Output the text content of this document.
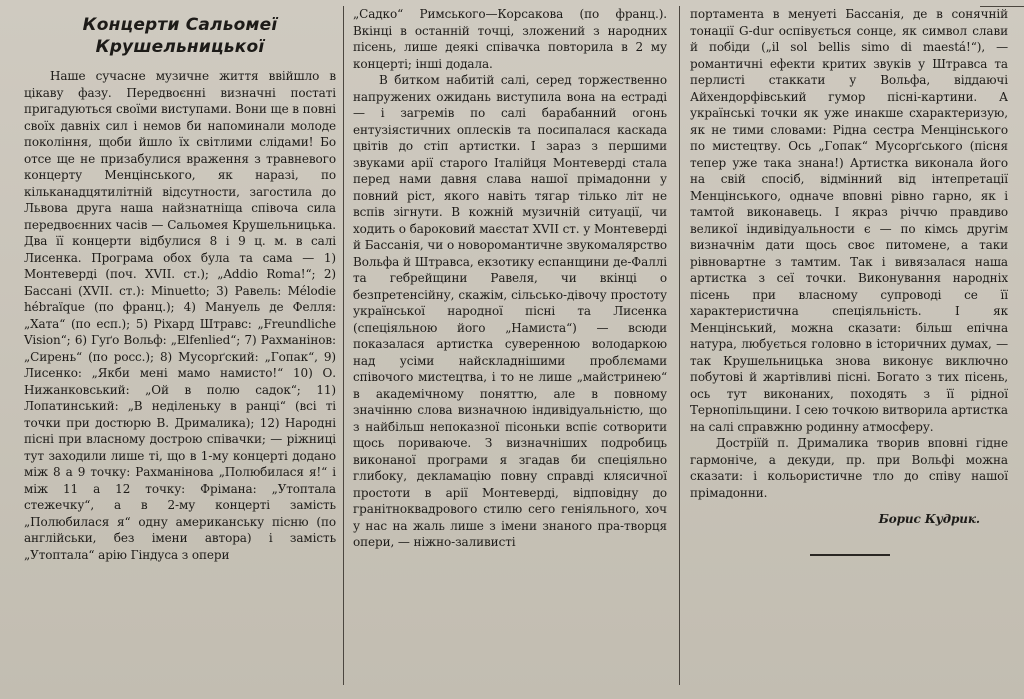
Концерти Сальомеї Крушельницької

Наше сучасне музичне життя ввійшло в цікаву фазу. Передвоєнні визначні постаті пригадуються своїми виступами. Вони ще в повні своїх давніх сил і немов би напоминали молоде покоління, щоби йшло їх світлими слідами! Бо отсе ще не призабулися враження з травневого концерту Менцінського, як наразі, по кільканадцятилітній відсутности, загостила до Львова друга наша найзнатніща співоча сила передвоєнних часів — Сальомея Крушельницька. Два її концерти відбулися 8 і 9 ц. м. в салі Лисенка. Програма обох була та сама — 1) Монтеверді (поч. XVII. ст.); „Addio Roma!“; 2) Бассані (XVII. ст.): Minuetto; 3) Равель: Mélodie hébraïque (по франц.); 4) Мануель де Фелля: „Хата“ (по есп.); 5) Ріхард Штравс: „Freundliche Vision“; 6) Гуґо Вольф: „Elfenlied“; 7) Рахманінов: „Сирень“ (по росс.); 8) Мусорґский: „Гопак“, 9) Лисенко: „Якби мені мамо намисто!“ 10) О. Нижанковський: „Ой в полю садок“; 11) Лопатинський: „В неділеньку в ранці“ (всі ті точки при достюрю В. Дрималика); 12) Народні пісні при власному дострою співачки; — ріжниці тут заходили лише ті, що в 1-му концерті додано між 8 а 9 точку: Рахманінова „Полюбилася я!“ і між 11 а 12 точку: Фрімана: „Утоптала стежечку“, а в 2-му концерті замість „Полюбилася я“ одну американську пісню (по англійськи, без імени автора) і замість „Утоптала“ арію Гіндуса з опери

„Садко“ Римського—Корсакова (по франц.). Вкінці в останній точці, зложений з народних пісень, лише деякі співачка повторила в 2 му концерті; інші додала.

В битком набитій салі, серед торжественно напружених ожидань виступила вона на естраді — і загремів по салі барабанний огонь ентузіястичних оплесків та посипалася каскада цвітів до стіп артистки. І зараз з першими звуками арії старого Італійця Монтеверді стала перед нами давня слава нашої прімадонни у повний ріст, якого навіть тягар тілько літ не вспів зігнути. В кожній музичній ситуації, чи ходить о бароковий маєстат XVII ст. у Монтеверді й Бассанія, чи о новоромантичне звукомалярство Вольфа й Штравса, екзотику еспанщини де-Фаллі та гебрейщини Равеля, чи вкінці о безпретенсійну, скажім, сільсько-дівочу простоту української народної пісні та Лисенка (спеціяльною його „Намиста“) — всюди показалася артистка суверенною володаркою над усіми найскладнішими проблємами співочого мистецтва, і то не лише „майстринею“ в академічному поняттю, але в повному значінню слова визначною індивідуальністю, що з найбільш непоказної пісоньки вспіє сотворити щось пориваюче. З визначніших подробиць виконаної програми я згадав би спеціяльно глибоку, декламацію повну справді клясичної простоти в арії Монтеверді, відповідну до гранітноквадрового стилю сего геніяльного, хоч у нас на жаль лише з імени знаного пра-творця опери, — ніжно-заливисті

портамента в менуеті Бассанія, де в сонячній тонації G-dur оспівується сонце, як символ слави й побіди („il sol bellis simo di maestá!“), — романтичні ефекти критих звуків у Штравса та перлисті стаккати у Вольфа, віддаючі Айхендорфівський гумор пісні-картини. А українські точки як уже инакше схарактеризую, як не тими словами: Рідна сестра Менцінського по мистецтву. Ось „Гопак“ Мусорґського (пісня тепер уже така знана!) Артистка виконала його на свій спосіб, відмінний від інтепретації Менцінського, одначе вповні рівно гарно, як і тамтой виконавець. І якраз річчю правдиво великої індивідуальности є — по кімсь другім визначнім дати щось своє питомене, а таки рівновартне з тамтим. Так і вивязалася наша артистка з сеї точки. Виконування народніх пісень при власному супроводі се її характеристична спеціяльність. І як Менцінський, можна сказати: більш епічна натура, любується головно в історичних думах, — так Крушельницька знова виконує виключно побутові й жартівливі пісні. Богато з тих пісень, ось тут виконаних, походять з її рідної Тернопільщини. І сею точкою витворила артистка на салі справжню родинну атмосферу.

Достріїй п. Дрималика творив вповні гідне гармоніче, а декуди, пр. при Вольфі можна сказати: і кольористичне тло до співу нашої прімадонни.

Борис Кудрик.
